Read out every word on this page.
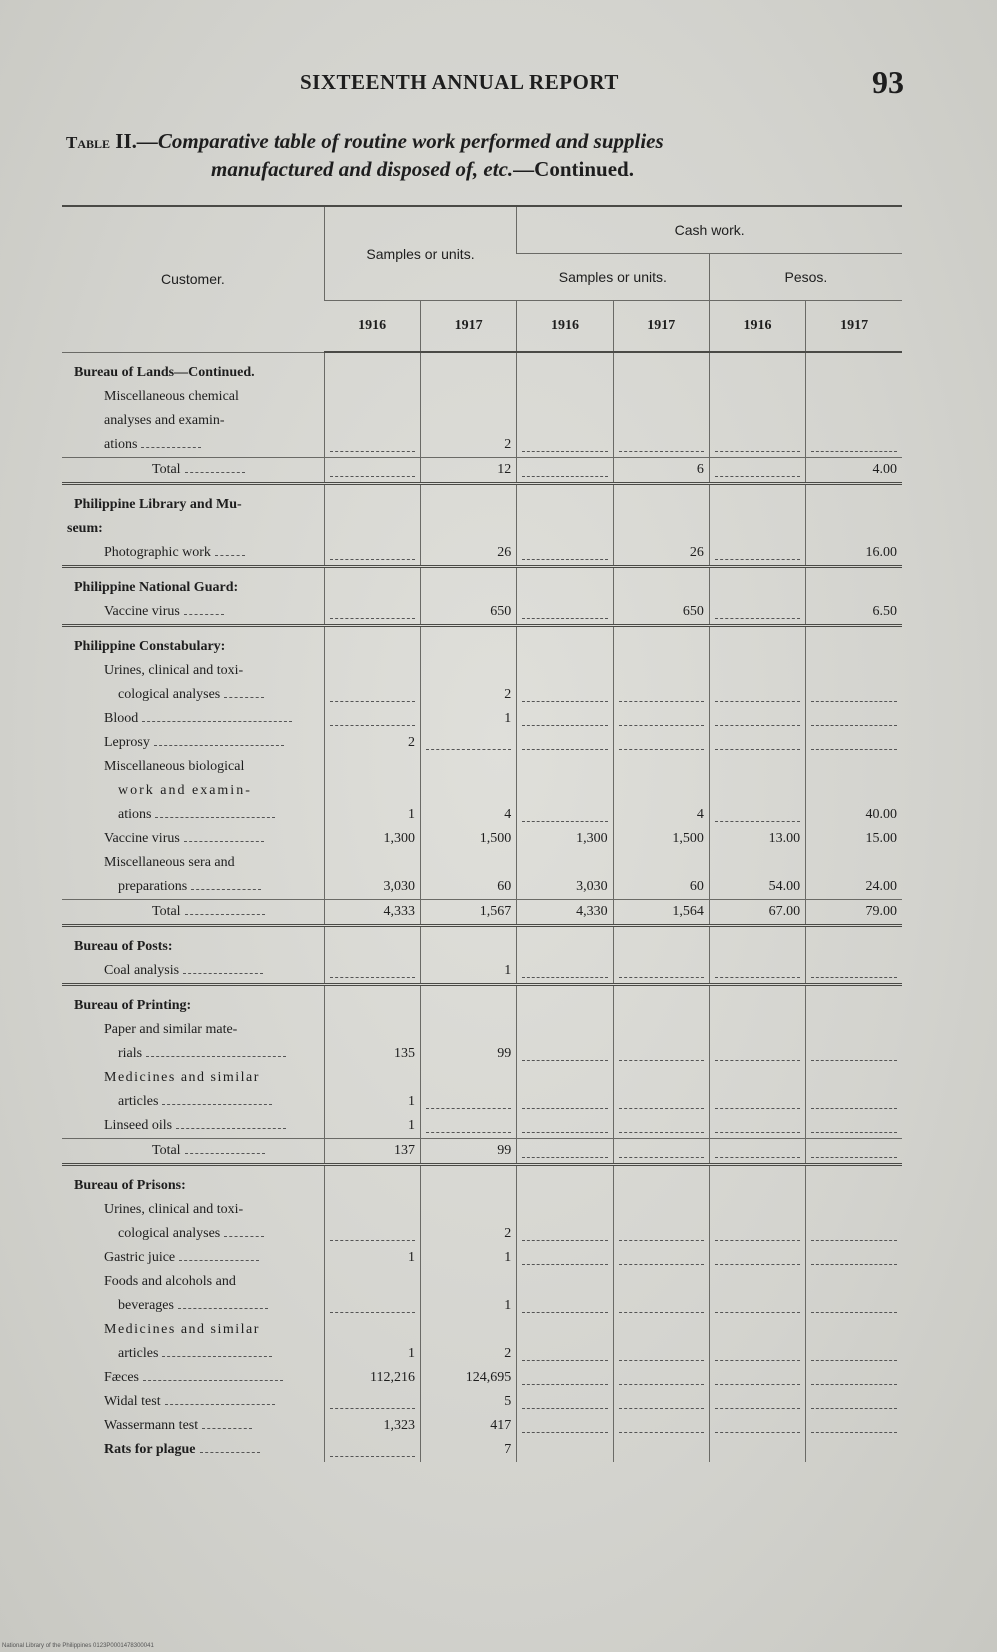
SIXTEENTH ANNUAL REPORT	93
Table II.—Comparative table of routine work performed and supplies
manufactured and disposed of, etc.—Continued.
Customer.	Samples or units.		Cash work.			
			Samples or units.		Pesos.	
	1916	1917	1916	1917	1916	1917
Bureau of Lands—Continued.						
Miscellaneous chemical						
analyses and examin-						
ations		2	

Total		12		6		4.00
Philippine Library and Mu-						
seum:						
Photographic work		26		26		16.00
Philippine National Guard:						
Vaccine virus		650		650		6.50
Philippine Constabulary:						
Urines, clinical and toxi-						
cological analyses		2	

Blood		1	

Leprosy	2	

Miscellaneous biological						
work and examin-						
ations	1	4		4		40.00
Vaccine virus	1,300	1,500	1,300	1,500	13.00	15.00
Miscellaneous sera and						
preparations	3,030	60	3,030	60	54.00	24.00
Total	4,333	1,567	4,330	1,564	67.00	79.00
Bureau of Posts:						
Coal analysis		1	

Bureau of Printing:						
Paper and similar mate-						
rials	135	99	

Medicines and similar						
articles	1	

Linseed oils	1	

Total	137	99	

Bureau of Prisons:						
Urines, clinical and toxi-						
cological analyses		2	

Gastric juice	1	1	

Foods and alcohols and						
beverages		1	

Medicines and similar						
articles	1	2	

Fæces	112,216	124,695	

Widal test		5	

Wassermann test	1,323	417	

Rats for plague		7				
National Library of the Philippines 0123P0001478300041
